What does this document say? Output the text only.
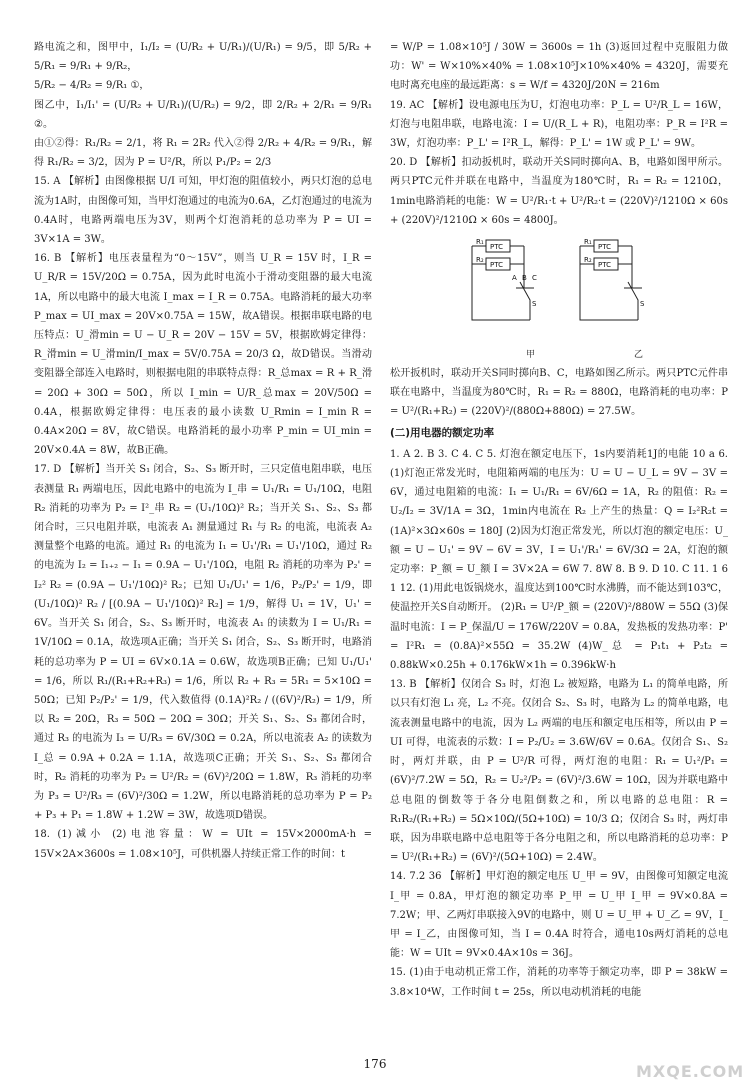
路电流之和，图甲中，I₁/I₂ = (U/R₂ + U/R₁)/(U/R₁) = 9/5，即 5/R₂ + 5/R₁ = 9/R₁ + 9/R₂，

5/R₂ − 4/R₂ = 9/R₁ ①，

图乙中，I₁/I₁' = (U/R₂ + U/R₁)/(U/R₂) = 9/2，即 2/R₂ + 2/R₁ = 9/R₁ ②。

由①②得：R₁/R₂ = 2/1，将 R₁ = 2R₂ 代入②得 2/R₂ + 4/R₂ = 9/R₁，解得 R₁/R₂ = 3/2，因为 P = U²/R，所以 P₁/P₂ = 2/3

15. A 【解析】由图像根据 U/I 可知，甲灯泡的阻值较小，两只灯泡的总电流为1A时，由图像可知，当甲灯泡通过的电流为0.6A，乙灯泡通过的电流为0.4A时，电路两端电压为3V，则两个灯泡消耗的总功率为 P = UI = 3V×1A = 3W。

16. B 【解析】电压表量程为“0～15V”，则当 U_R = 15V 时，I_R = U_R/R = 15V/20Ω = 0.75A，因为此时电流小于滑动变阻器的最大电流1A，所以电路中的最大电流 I_max = I_R = 0.75A。电路消耗的最大功率 P_max = UI_max = 20V×0.75A = 15W，故A错误。根据串联电路的电压特点：U_滑min = U − U_R = 20V − 15V = 5V，根据欧姆定律得：R_滑min = U_滑min/I_max = 5V/0.75A = 20/3 Ω，故D错误。当滑动变阻器全部连入电路时，则根据电阻的串联特点得：R_总max = R + R_滑 = 20Ω + 30Ω = 50Ω，所以 I_min = U/R_总max = 20V/50Ω = 0.4A，根据欧姆定律得：电压表的最小读数 U_Rmin = I_min R = 0.4A×20Ω = 8V，故C错误。电路消耗的最小功率 P_min = UI_min = 20V×0.4A = 8W，故B正确。

17. D 【解析】当开关 S₁ 闭合，S₂、S₃ 断开时，三只定值电阻串联，电压表测量 R₁ 两端电压，因此电路中的电流为 I_串 = U₁/R₁ = U₁/10Ω，电阻 R₂ 消耗的功率为 P₂ = I²_串 R₂ = (U₁/10Ω)² R₂；当开关 S₁、S₂、S₃ 都闭合时，三只电阻并联，电流表 A₁ 测量通过 R₁ 与 R₂ 的电流，电流表 A₂ 测量整个电路的电流。通过 R₁ 的电流为 I₁ = U₁'/R₁ = U₁'/10Ω，通过 R₂ 的电流为 I₂ = I₁₊₂ − I₁ = 0.9A − U₁'/10Ω，电阻 R₂ 消耗的功率为 P₂' = I₂² R₂ = (0.9A − U₁'/10Ω)² R₂；已知 U₁/U₁' = 1/6，P₂/P₂' = 1/9，即 (U₁/10Ω)² R₂ / [(0.9A − U₁'/10Ω)² R₂] = 1/9，解得 U₁ = 1V，U₁' = 6V。当开关 S₁ 闭合，S₂、S₃ 断开时，电流表 A₁ 的读数为 I = U₁/R₁ = 1V/10Ω = 0.1A，故选项A正确；当开关 S₁ 闭合，S₂、S₃ 断开时，电路消耗的总功率为 P = UI = 6V×0.1A = 0.6W，故选项B正确；已知 U₁/U₁' = 1/6，所以 R₁/(R₁+R₂+R₃) = 1/6，所以 R₂ + R₃ = 5R₁ = 5×10Ω = 50Ω；已知 P₂/P₂' = 1/9，代入数值得 (0.1A)²R₂ / ((6V)²/R₂) = 1/9，所以 R₂ = 20Ω，R₃ = 50Ω − 20Ω = 30Ω；开关 S₁、S₂、S₃ 都闭合时，通过 R₃ 的电流为 I₃ = U/R₃ = 6V/30Ω = 0.2A，所以电流表 A₂ 的读数为 I_总 = 0.9A + 0.2A = 1.1A，故选项C正确；开关 S₁、S₂、S₃ 都闭合时，R₂ 消耗的功率为 P₂ = U²/R₂ = (6V)²/20Ω = 1.8W，R₃ 消耗的功率为 P₃ = U²/R₃ = (6V)²/30Ω = 1.2W，所以电路消耗的总功率为 P = P₂ + P₃ + P₁ = 1.8W + 1.2W = 3W，故选项D错误。

18. (1)减小 (2)电池容量：W = UIt = 15V×2000mA·h = 15V×2A×3600s = 1.08×10⁵J，可供机器人持续正常工作的时间：t

= W/P = 1.08×10⁵J / 30W = 3600s = 1h (3)返回过程中克服阻力做功：W' = W×10%×40% = 1.08×10⁵J×10%×40% = 4320J，需要充电时离充电座的最远距离：s = W/f = 4320J/20N = 216m

19. AC 【解析】设电源电压为U，灯泡电功率：P_L = U²/R_L = 16W，灯泡与电阻串联，电路电流：I = U/(R_L + R)，电阻功率：P_R = I²R = 3W，灯泡功率：P_L' = I²R_L，解得：P_L' = 1W 或 P_L' = 9W。

20. D 【解析】扣动扳机时，联动开关S同时掷向A、B，电路如图甲所示。两只PTC元件并联在电路中，当温度为180℃时，R₁ = R₂ = 1210Ω，1min电路消耗的电能：W = U²/R₁·t + U²/R₂·t = (220V)²/1210Ω × 60s + (220V)²/1210Ω × 60s = 4800J。

PTC
PTC
R₁
R₂
A B C
S
PTC
PTC
R₁
R₂
S
甲	乙

松开扳机时，联动开关S同时掷向B、C，电路如图乙所示。两只PTC元件串联在电路中，当温度为80℃时，R₁ = R₂ = 880Ω，电路消耗的电功率：P = U²/(R₁+R₂) = (220V)²/(880Ω+880Ω) = 27.5W。

(二)用电器的额定功率

1. A 2. B 3. C 4. C 5. 灯泡在额定电压下，1s内要消耗1J的电能 10 a 6. (1)灯泡正常发光时，电阻箱两端的电压为：U = U − U_L = 9V − 3V = 6V，通过电阻箱的电流：I₁ = U₁/R₁ = 6V/6Ω = 1A，R₂ 的阻值：R₂ = U₂/I₂ = 3V/1A = 3Ω，1min内电流在 R₂ 上产生的热量：Q = I₂²R₂t = (1A)²×3Ω×60s = 180J (2)因为灯泡正常发光，所以灯泡的额定电压：U_额 = U − U₁' = 9V − 6V = 3V，I = U₁'/R₁' = 6V/3Ω = 2A，灯泡的额定功率：P_额 = U_额 I = 3V×2A = 6W 7. 8W 8. B 9. D 10. C 11. 1 6 1 12. (1)用此电饭锅烧水，温度达到100℃时水沸腾，而不能达到103℃，使温控开关S自动断开。 (2)R₁ = U²/P_额 = (220V)²/880W = 55Ω (3)保温时电流：I = P_保温/U = 176W/220V = 0.8A，发热板的发热功率：P' = I²R₁ = (0.8A)²×55Ω = 35.2W (4)W_总 = P₁t₁ + P₂t₂ = 0.88kW×0.25h + 0.176kW×1h = 0.396kW·h

13. B 【解析】仅闭合 S₃ 时，灯泡 L₂ 被短路，电路为 L₁ 的简单电路，所以只有灯泡 L₁ 亮，L₂ 不亮。仅闭合 S₂、S₃ 时，电路为 L₂ 的简单电路，电流表测量电路中的电流，因为 L₂ 两端的电压和额定电压相等，所以由 P = UI 可得，电流表的示数：I = P₂/U₂ = 3.6W/6V = 0.6A。仅闭合 S₁、S₂ 时，两灯并联，由 P = U²/R 可得，两灯泡的电阻：R₁ = U₁²/P₁ = (6V)²/7.2W = 5Ω，R₂ = U₂²/P₂ = (6V)²/3.6W = 10Ω，因为并联电路中总电阻的倒数等于各分电阻倒数之和，所以电路的总电阻：R = R₁R₂/(R₁+R₂) = 5Ω×10Ω/(5Ω+10Ω) = 10/3 Ω；仅闭合 S₃ 时，两灯串联，因为串联电路中总电阻等于各分电阻之和，所以电路消耗的总功率：P = U²/(R₁+R₂) = (6V)²/(5Ω+10Ω) = 2.4W。

14. 7.2 36 【解析】甲灯泡的额定电压 U_甲 = 9V，由图像可知额定电流 I_甲 = 0.8A，甲灯泡的额定功率 P_甲 = U_甲 I_甲 = 9V×0.8A = 7.2W；甲、乙两灯串联接入9V的电路中，则 U = U_甲 + U_乙 = 9V，I_甲 = I_乙，由图像可知，当 I = 0.4A 时符合，通电10s两灯消耗的总电能：W = UIt = 9V×0.4A×10s = 36J。

15. (1)由于电动机正常工作，消耗的功率等于额定功率，即 P = 38kW = 3.8×10⁴W，工作时间 t = 25s，所以电动机消耗的电能

176	MXQE.COM
